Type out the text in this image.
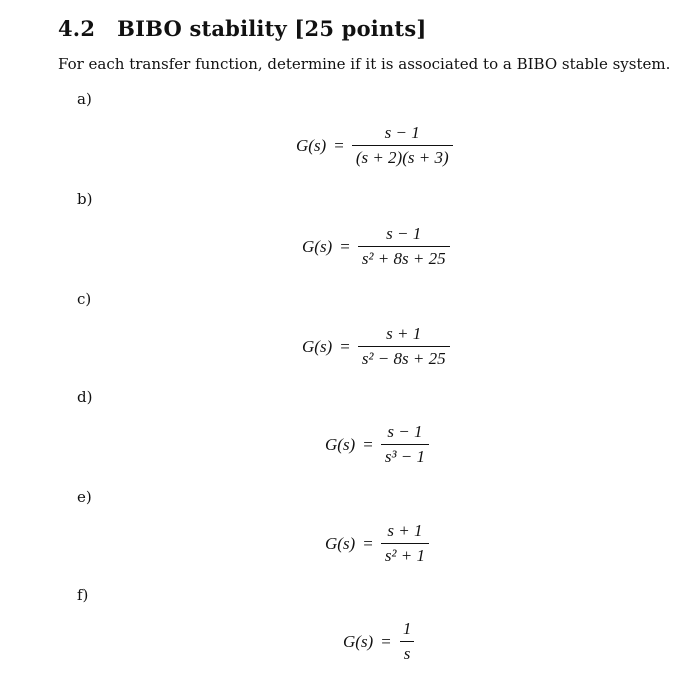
4.2 BIBO stability [25 points]
For each transfer function, determine if it is associated to a BIBO stable system.
a)
$G(s) = \frac{s - 1}{(s + 2)(s + 3)}$
b)
$G(s) = \frac{s - 1}{\text{s² + 8s + 25}}$
c)
$G(s) = \frac{s + 1}{\text{s² − 8s + 25}}$
d)
$G(s) = \frac{s - 1}{\text{s³ − 1}}$
e)
$G(s) = \frac{s + 1}{\text{s² + 1}}$
f)
$G(s) = \frac{1}{s}$
